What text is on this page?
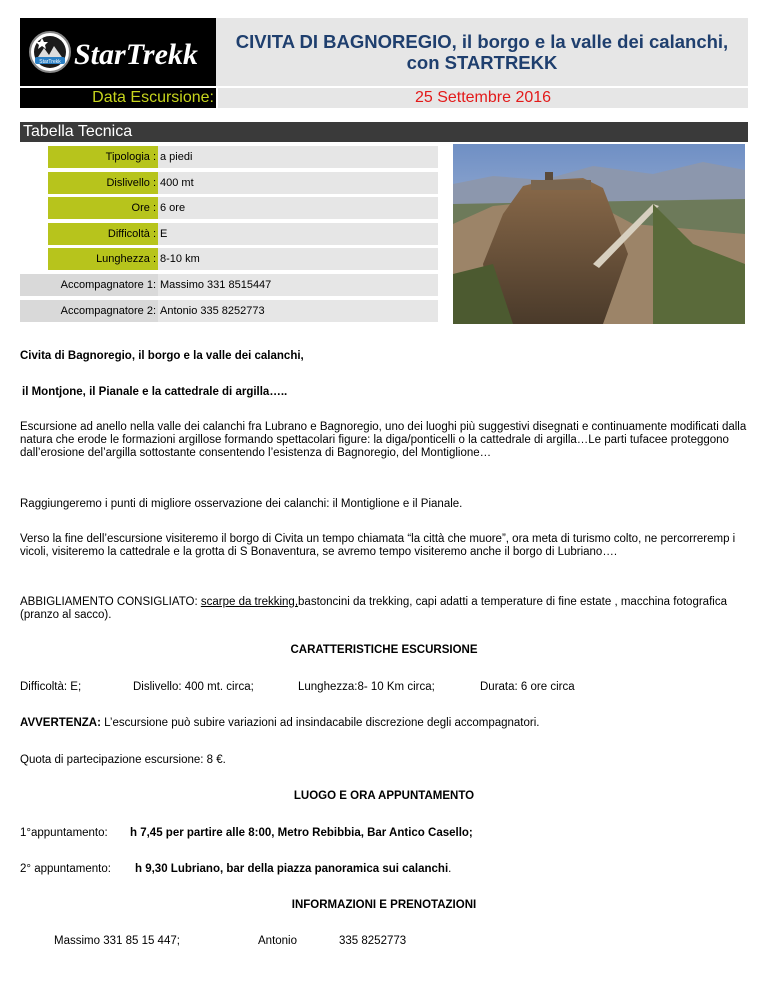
StarTrekk StarTrekk CIVITA DI BAGNOREGIO, il borgo e la valle dei calanchi,
con STARTREKK
Data Escursione:	25 Settembre 2016
Tabella Tecnica
Tipologia : a piedi
Dislivello : 400 mt
Ore : 6 ore
Difficoltà : E
Lunghezza : 8-10 km
Accompagnatore 1: Massimo 331 8515447
Accompagnatore 2: Antonio 335 8252773
Civita di Bagnoregio, il borgo e la valle dei calanchi,
il Montjone, il Pianale e la cattedrale di argilla…..
Escursione ad anello nella valle dei calanchi fra Lubrano e Bagnoregio, uno dei luoghi più suggestivi disegnati e continuamente modificati dalla natura che erode le formazioni argillose formando spettacolari figure: la diga/ponticelli o la cattedrale di argilla…Le parti tufacee proteggono dall’erosione del’argilla sottostante consentendo l’esistenza di Bagnoregio, del Montiglione…
Raggiungeremo i punti di migliore osservazione dei calanchi: il Montiglione e il Pianale.
Verso la fine dell’escursione visiteremo il borgo di Civita un tempo chiamata “la città che muore”, ora meta di turismo colto, ne percorreremp i vicoli, visiteremo la cattedrale e la grotta di S Bonaventura, se avremo tempo visiteremo anche il borgo di Lubriano….
ABBIGLIAMENTO CONSIGLIATO: scarpe da trekking,bastoncini da trekking, capi adatti a temperature di fine estate , macchina fotografica (pranzo al sacco).
CARATTERISTICHE ESCURSIONE
Difficoltà: E;	Dislivello: 400 mt. circa;	Lunghezza:8- 10 Km circa;	Durata: 6 ore circa
AVVERTENZA: L’escursione può subire variazioni ad insindacabile discrezione degli accompagnatori.
Quota di partecipazione escursione: 8 €.
LUOGO E ORA APPUNTAMENTO
1°appuntamento: h 7,45 per partire alle 8:00, Metro Rebibbia, Bar Antico Casello;
2° appuntamento: h 9,30 Lubriano, bar della piazza panoramica sui calanchi.
INFORMAZIONI E PRENOTAZIONI
Massimo 331 85 15 447;	Antonio	335 8252773
